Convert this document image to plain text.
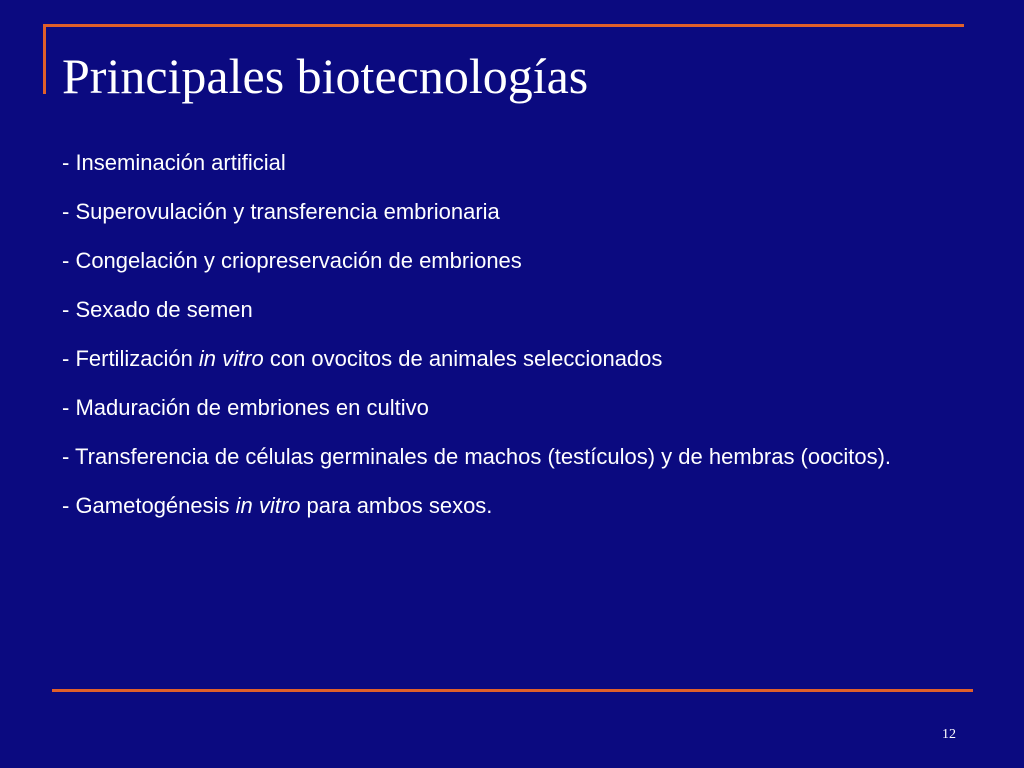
Principales biotecnologías
- Inseminación artificial
- Superovulación y transferencia embrionaria
- Congelación y criopreservación de embriones
- Sexado de semen
- Fertilización in vitro con ovocitos de animales seleccionados
- Maduración de embriones en cultivo
- Transferencia de células germinales de machos (testículos) y de hembras (oocitos).
- Gametogénesis in vitro para ambos sexos.
12
